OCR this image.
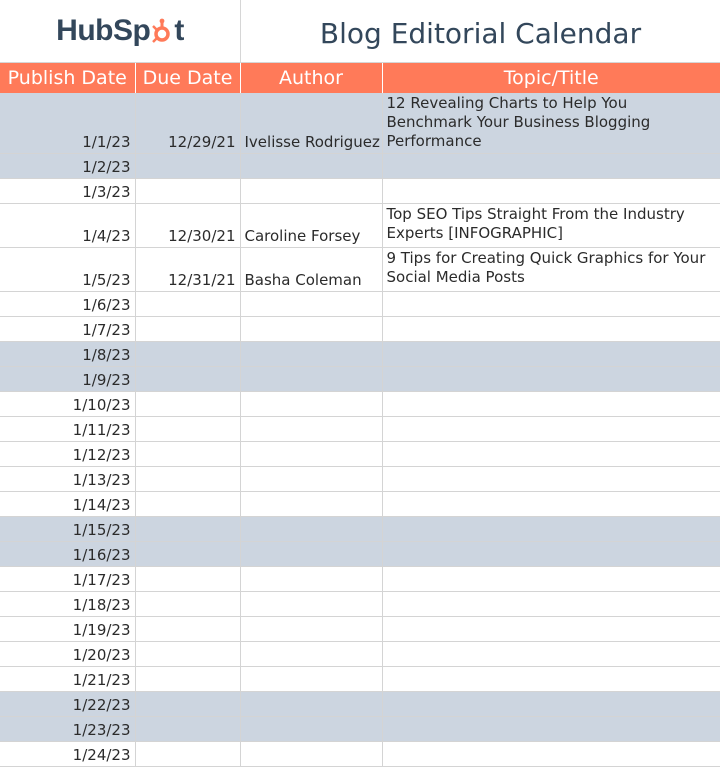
HubSp t	Blog Editorial Calendar
Publish Date	Due Date	Author	Topic/Title
1/1/23	12/29/21	Ivelisse Rodriguez	12 Revealing Charts to Help You Benchmark Your Business Blogging Performance
1/2/23			
1/3/23			
1/4/23	12/30/21	Caroline Forsey	Top SEO Tips Straight From the Industry Experts [INFOGRAPHIC]
1/5/23	12/31/21	Basha Coleman	9 Tips for Creating Quick Graphics for Your Social Media Posts
1/6/23			
1/7/23			
1/8/23			
1/9/23			
1/10/23			
1/11/23			
1/12/23			
1/13/23			
1/14/23			
1/15/23			
1/16/23			
1/17/23			
1/18/23			
1/19/23			
1/20/23			
1/21/23			
1/22/23			
1/23/23			
1/24/23			
